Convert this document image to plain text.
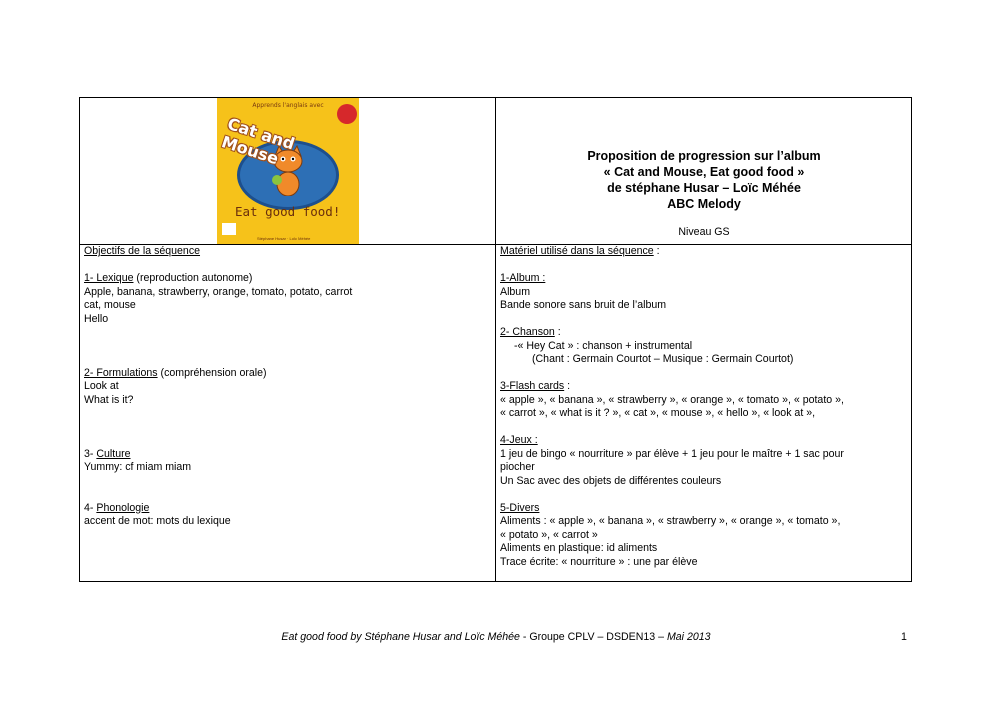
Apprends l'anglais avec
Cat and Mouse
Eat good food!
Stéphane Husar · Loïc Méhée
Proposition de progression sur l’album
« Cat and Mouse, Eat good food »
de stéphane Husar – Loïc Méhée
ABC Melody
Niveau GS
Objectifs de la séquence
1- Lexique (reproduction autonome)
Apple, banana, strawberry, orange, tomato, potato, carrot
cat, mouse
Hello
2- Formulations (compréhension orale)
Look at
What is it?
3- Culture
Yummy: cf miam miam
4- Phonologie
accent de mot: mots du lexique
Matériel utilisé dans la séquence :
1-Album :
Album
Bande sonore sans bruit de l’album
2- Chanson :
-« Hey Cat » : chanson + instrumental
(Chant : Germain Courtot – Musique : Germain Courtot)
3-Flash cards :
« apple », « banana », « strawberry », « orange », « tomato », « potato »,
« carrot », « what is it ? », « cat », « mouse », « hello », « look at »,
4-Jeux :
1 jeu de bingo « nourriture » par élève + 1 jeu pour le maître + 1 sac pour
piocher
Un Sac avec des objets de différentes couleurs
5-Divers
Aliments : « apple », « banana », « strawberry », « orange », « tomato »,
« potato », « carrot »
Aliments en plastique: id aliments
Trace écrite: « nourriture » : une par élève
Eat good food by Stéphane Husar and Loïc Méhée - Groupe CPLV – DSDEN13 – Mai 2013	1
